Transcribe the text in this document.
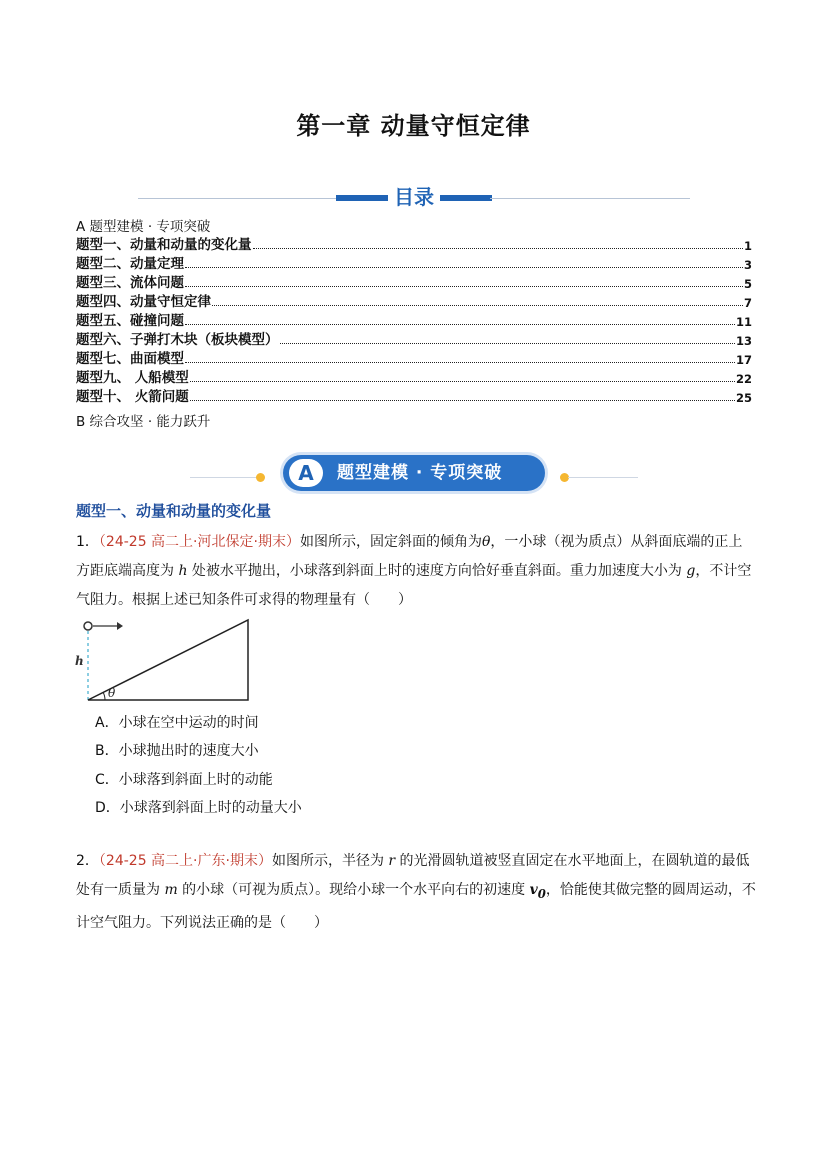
第一章 动量守恒定律
目录
A 题型建模 · 专项突破
题型一、动量和动量的变化量	1
题型二、动量定理	3
题型三、流体问题	5
题型四、动量守恒定律	7
题型五、碰撞问题	11
题型六、子弹打木块（板块模型）	13
题型七、曲面模型	17
题型九、 人船模型	22
题型十、 火箭问题	25
B 综合攻坚 · 能力跃升
A	题型建模 · 专项突破
题型一、动量和动量的变化量
1．（24-25 高二上·河北保定·期末）如图所示，固定斜面的倾角为θ，一小球（视为质点）从斜面底端的正上方距底端高度为 h 处被水平抛出，小球落到斜面上时的速度方向恰好垂直斜面。重力加速度大小为 g，不计空气阻力。根据上述已知条件可求得的物理量有（　　）
h
θ
A．小球在空中运动的时间
B．小球抛出时的速度大小
C．小球落到斜面上时的动能
D．小球落到斜面上时的动量大小
2．（24-25 高二上·广东·期末）如图所示，半径为 r 的光滑圆轨道被竖直固定在水平地面上，在圆轨道的最低处有一质量为 m 的小球（可视为质点）。现给小球一个水平向右的初速度 $v_0$，恰能使其做完整的圆周运动，不计空气阻力。下列说法正确的是（　　）
